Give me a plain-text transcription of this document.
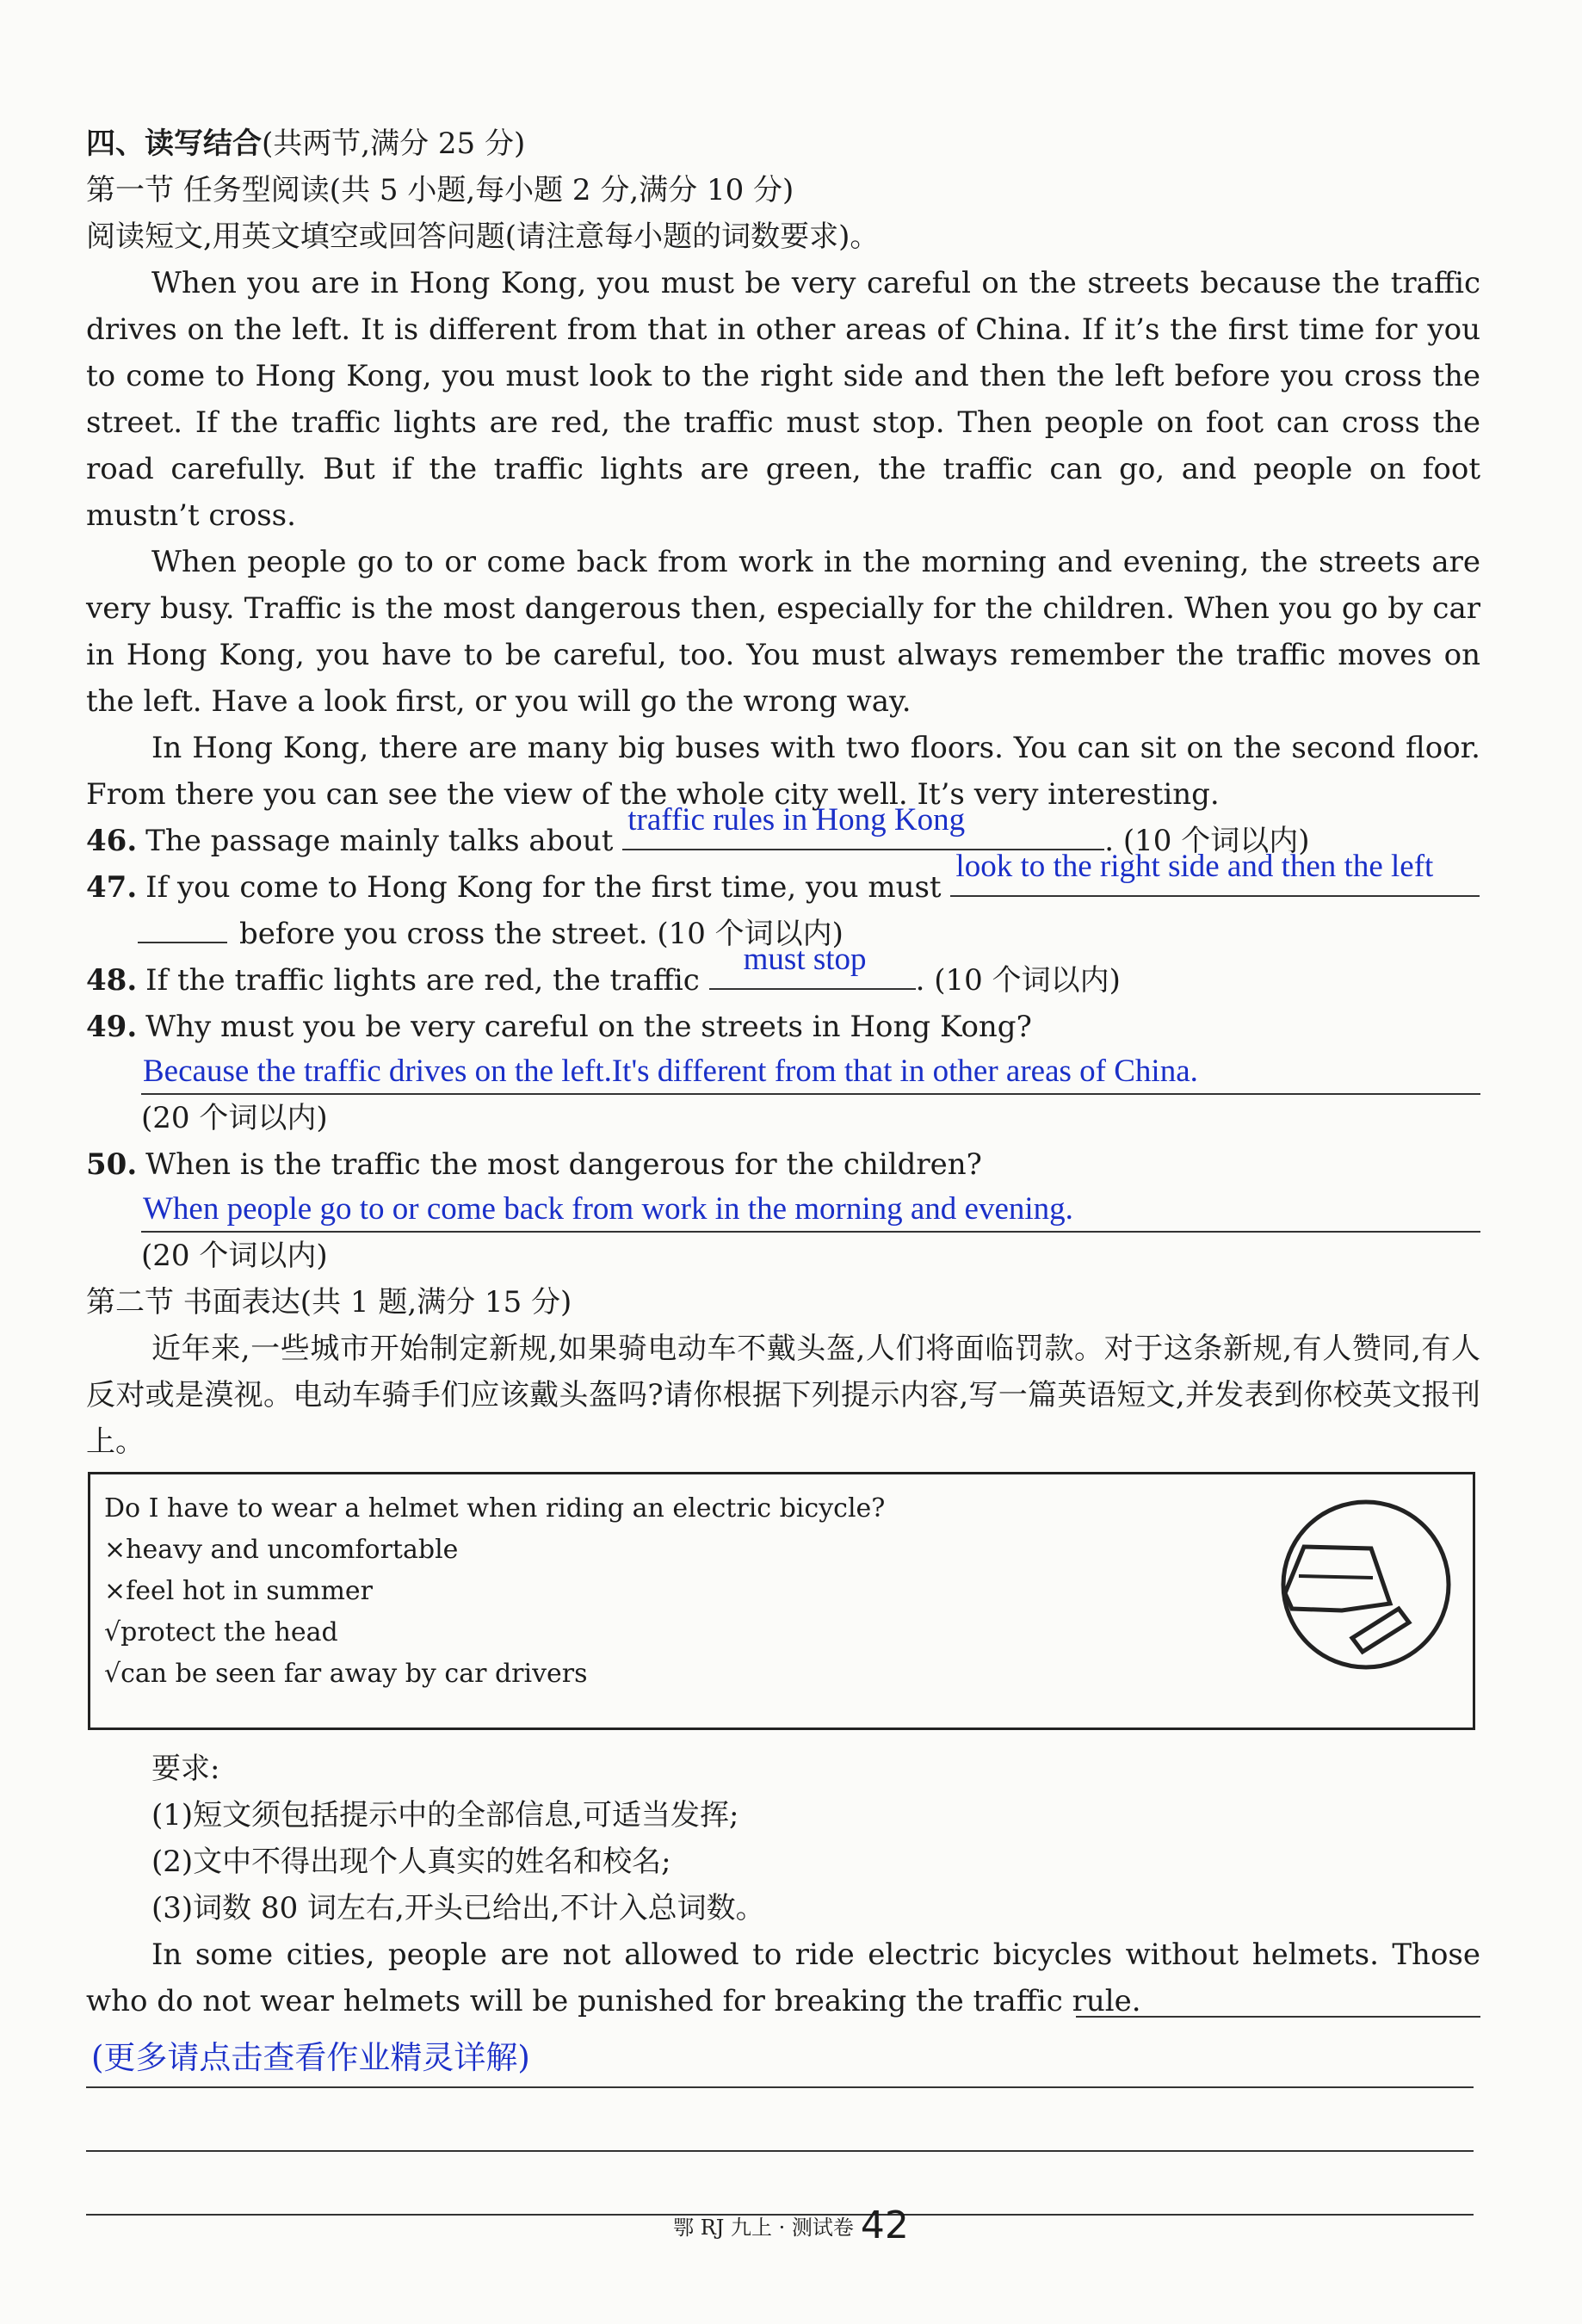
四、读写结合(共两节,满分 25 分)
第一节 任务型阅读(共 5 小题,每小题 2 分,满分 10 分)
阅读短文,用英文填空或回答问题(请注意每小题的词数要求)。

When you are in Hong Kong, you must be very careful on the streets because the traffic drives on the left. It is different from that in other areas of China. If it’s the first time for you to come to Hong Kong, you must look to the right side and then the left before you cross the street. If the traffic lights are red, the traffic must stop. Then people on foot can cross the road carefully. But if the traffic lights are green, the traffic can go, and people on foot mustn’t cross.

When people go to or come back from work in the morning and evening, the streets are very busy. Traffic is the most dangerous then, especially for the children. When you go by car in Hong Kong, you have to be careful, too. You must always remember the traffic moves on the left. Have a look first, or you will go the wrong way.

In Hong Kong, there are many big buses with two floors. You can sit on the second floor. From there you can see the view of the whole city well. It’s very interesting.

46. The passage mainly talks about
traffic rules in Hong Kong
. (10 个词以内)
47. If you come to Hong Kong for the first time, you must
look to the right side and then the left
before you cross the street. (10 个词以内)
48. If the traffic lights are red, the traffic
must stop
. (10 个词以内)
49. Why must you be very careful on the streets in Hong Kong?
Because the traffic drives on the left.It's different from that in other areas of China.
(20 个词以内)
50. When is the traffic the most dangerous for the children?
When people go to or come back from work in the morning and evening.
(20 个词以内)
第二节 书面表达(共 1 题,满分 15 分)

近年来,一些城市开始制定新规,如果骑电动车不戴头盔,人们将面临罚款。对于这条新规,有人赞同,有人反对或是漠视。电动车骑手们应该戴头盔吗?请你根据下列提示内容,写一篇英语短文,并发表到你校英文报刊上。

Do I have to wear a helmet when riding an electric bicycle?
×heavy and uncomfortable
×feel hot in summer
√protect the head
√can be seen far away by car drivers
要求:
(1)短文须包括提示中的全部信息,可适当发挥;
(2)文中不得出现个人真实的姓名和校名;
(3)词数 80 词左右,开头已给出,不计入总词数。

In some cities, people are not allowed to ride electric bicycles without helmets. Those who do not wear helmets will be punished for breaking the traffic rule.

(更多请点击查看作业精灵详解)
鄂 RJ 九上 · 测试卷 42
